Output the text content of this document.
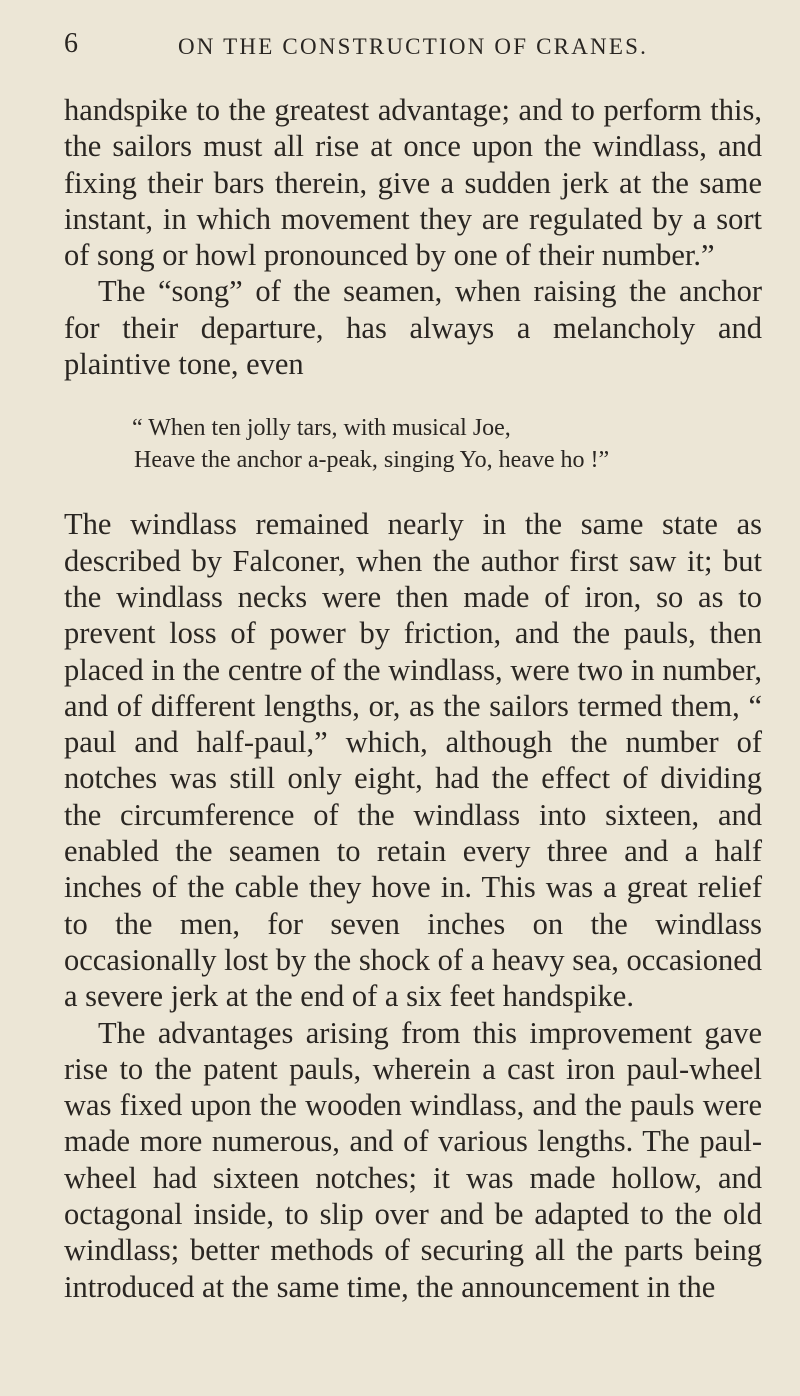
6	ON THE CONSTRUCTION OF CRANES.

handspike to the greatest advantage; and to perform this, the sailors must all rise at once upon the windlass, and fixing their bars therein, give a sudden jerk at the same instant, in which movement they are regulated by a sort of song or howl pronounced by one of their number.”

The “song” of the seamen, when raising the anchor for their departure, has always a melancholy and plaintive tone, even

“ When ten jolly tars, with musical Joe,
Heave the anchor a-peak, singing Yo, heave ho !”

The windlass remained nearly in the same state as described by Falconer, when the author first saw it; but the windlass necks were then made of iron, so as to prevent loss of power by friction, and the pauls, then placed in the centre of the windlass, were two in number, and of different lengths, or, as the sailors termed them, “ paul and half-paul,” which, although the number of notches was still only eight, had the effect of dividing the circumference of the windlass into sixteen, and enabled the seamen to retain every three and a half inches of the cable they hove in. This was a great relief to the men, for seven inches on the windlass occasionally lost by the shock of a heavy sea, occasioned a severe jerk at the end of a six feet handspike.

The advantages arising from this improvement gave rise to the patent pauls, wherein a cast iron paul-wheel was fixed upon the wooden windlass, and the pauls were made more numerous, and of various lengths. The paul-wheel had sixteen notches; it was made hollow, and octagonal inside, to slip over and be adapted to the old windlass; better methods of securing all the parts being introduced at the same time, the announcement in the
